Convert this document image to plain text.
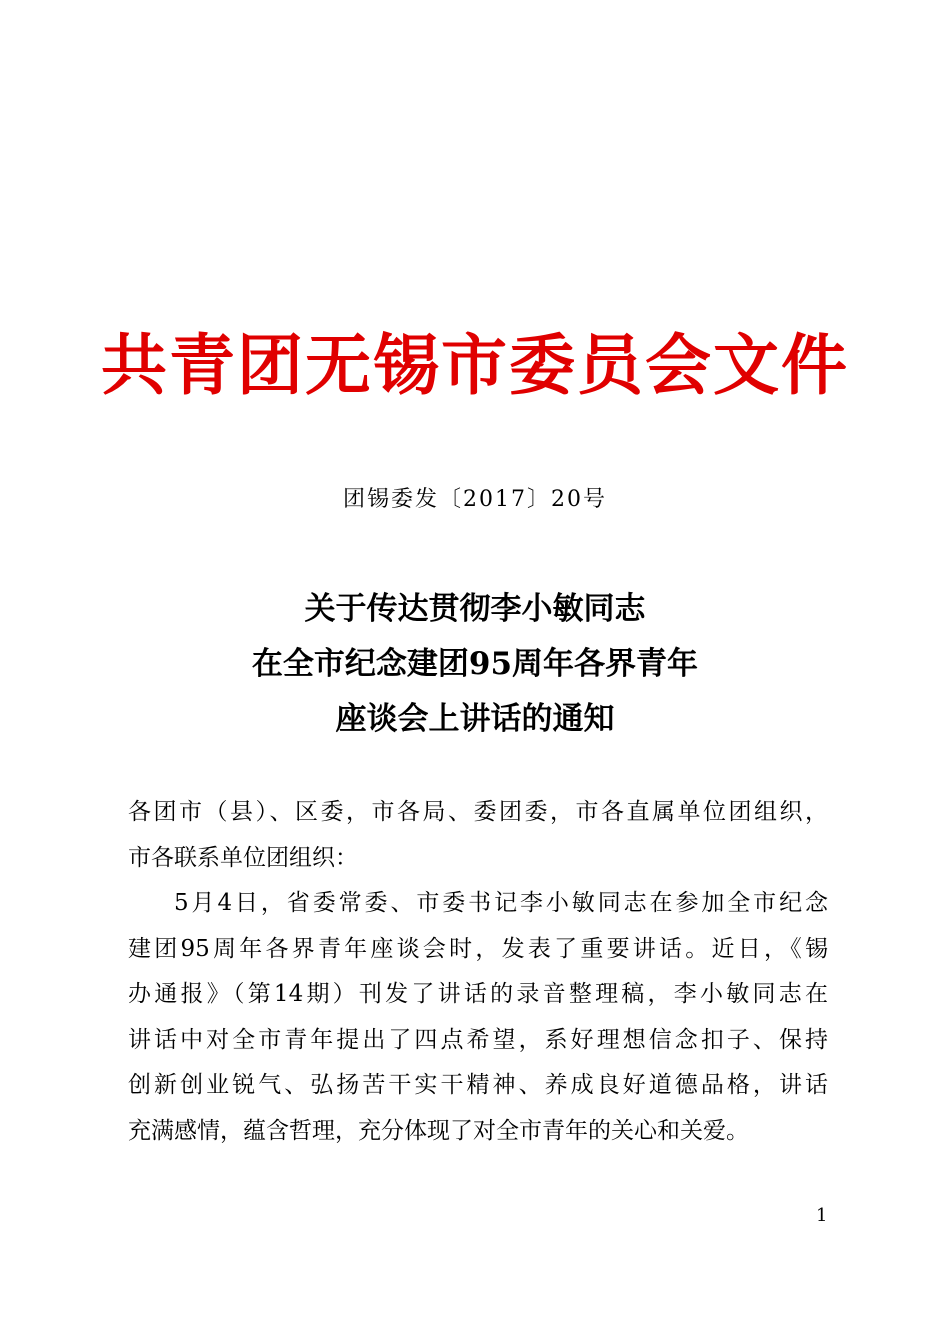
共青团无锡市委员会文件
团锡委发〔2017〕20号
关于传达贯彻李小敏同志
在全市纪念建团95周年各界青年
座谈会上讲话的通知
各团市（县）、区委，市各局、委团委，市各直属单位团组织，
市各联系单位团组织：
5月4日，省委常委、市委书记李小敏同志在参加全市纪念
建团95周年各界青年座谈会时，发表了重要讲话。近日，《锡
办通报》（第14期）刊发了讲话的录音整理稿，李小敏同志在
讲话中对全市青年提出了四点希望，系好理想信念扣子、保持
创新创业锐气、弘扬苦干实干精神、养成良好道德品格，讲话
充满感情，蕴含哲理，充分体现了对全市青年的关心和关爱。
1
